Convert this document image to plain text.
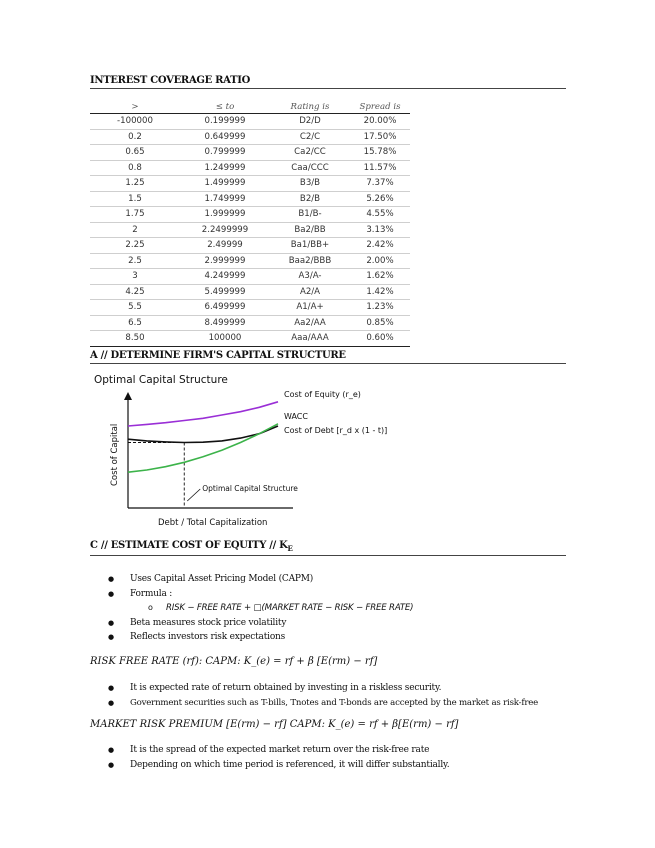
INTEREST COVERAGE RATIO
>	≤ to	Rating is	Spread is
-100000	0.199999	D2/D	20.00%
0.2	0.649999	C2/C	17.50%
0.65	0.799999	Ca2/CC	15.78%
0.8	1.249999	Caa/CCC	11.57%
1.25	1.499999	B3/B	7.37%
1.5	1.749999	B2/B	5.26%
1.75	1.999999	B1/B-	4.55%
2	2.2499999	Ba2/BB	3.13%
2.25	2.49999	Ba1/BB+	2.42%
2.5	2.999999	Baa2/BBB	2.00%
3	4.249999	A3/A-	1.62%
4.25	5.499999	A2/A	1.42%
5.5	6.499999	A1/A+	1.23%
6.5	8.499999	Aa2/AA	0.85%
8.50	100000	Aaa/AAA	0.60%
A // DETERMINE FIRM'S CAPITAL STRUCTURE
Optimal Capital Structure
Cost of Equity (r_e)
WACC
Cost of Debt [r_d x (1 - t)]
Optimal Capital Structure
Debt / Total Capitalization
Cost of Capital
C // ESTIMATE COST OF EQUITY // $K_E$
● Uses Capital Asset Pricing Model (CAPM)
● Formula :
o RISK − FREE RATE + □(MARKET RATE − RISK − FREE RATE)
● Beta measures stock price volatility
● Reflects investors risk expectations
RISK FREE RATE (rf): CAPM: K_(e) = rf + β [E(rm) − rf]
● It is expected rate of return obtained by investing in a riskless security.
● Government securities such as T-bills, Tnotes and T-bonds are accepted by the market as risk-free
MARKET RISK PREMIUM [E(rm) − rf] CAPM: K_(e) = rf + β[E(rm) − rf]
● It is the spread of the expected market return over the risk-free rate
● Depending on which time period is referenced, it will differ substantially.
